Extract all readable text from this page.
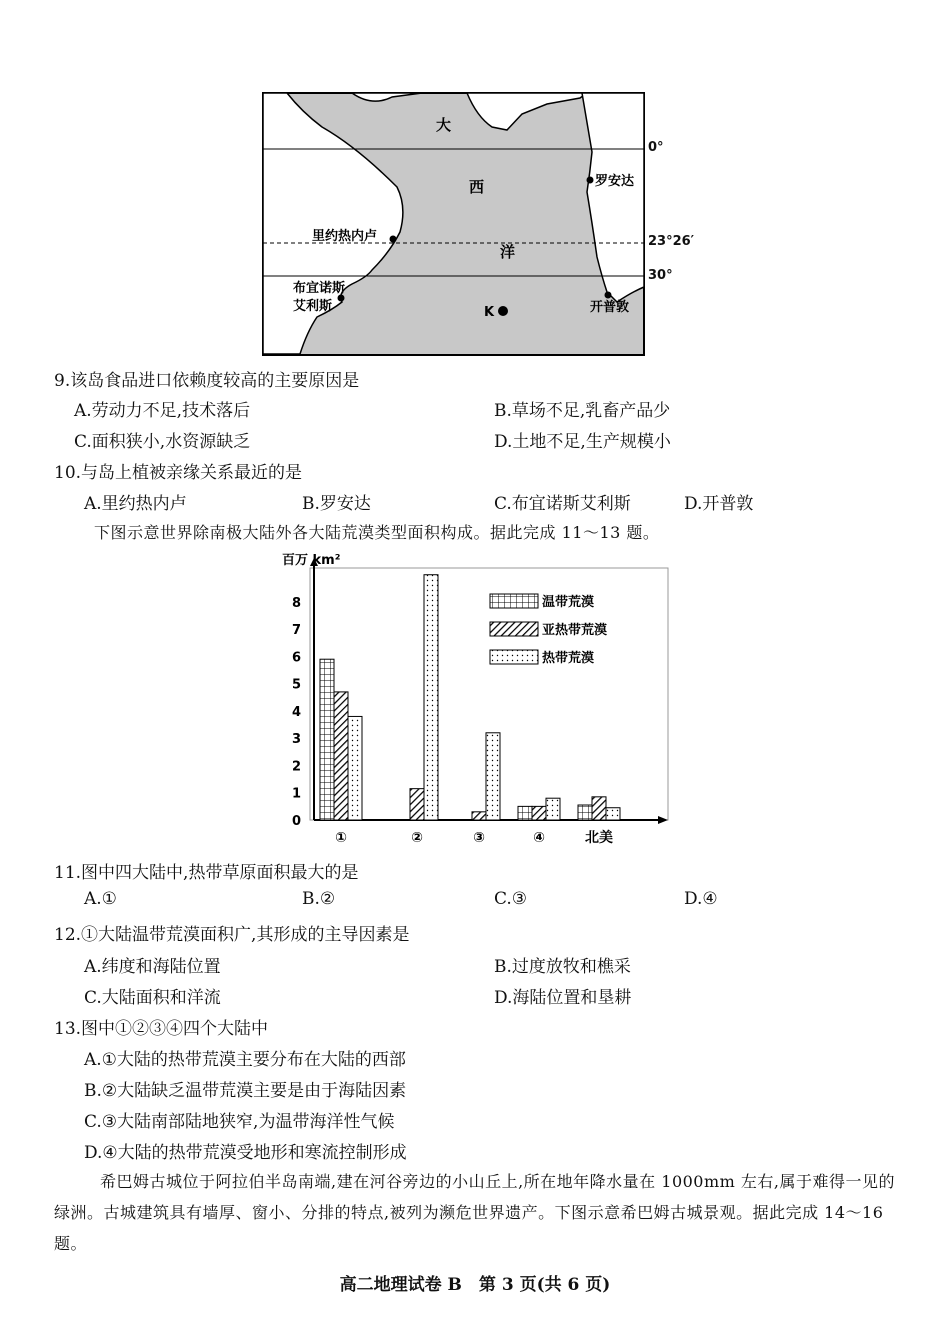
大
西
洋
罗安达
里约热内卢
布宜诺斯
艾利斯	开普敦
K
0°
23°26′
30°
9.该岛食品进口依赖度较高的主要原因是
A.劳动力不足,技术落后	B.草场不足,乳畜产品少
C.面积狭小,水资源缺乏	D.土地不足,生产规模小
10.与岛上植被亲缘关系最近的是
A.里约热内卢	B.罗安达	C.布宜诺斯艾利斯	D.开普敦
下图示意世界除南极大陆外各大陆荒漠类型面积构成。据此完成 11～13 题。
百万 km²
0
1
2
3
4
5
6
7
8
①	②	③	④	北美
温带荒漠
亚热带荒漠
热带荒漠
11.图中四大陆中,热带草原面积最大的是
A.①	B.②	C.③	D.④
12.①大陆温带荒漠面积广,其形成的主导因素是
A.纬度和海陆位置	B.过度放牧和樵采
C.大陆面积和洋流	D.海陆位置和垦耕
13.图中①②③④四个大陆中
A.①大陆的热带荒漠主要分布在大陆的西部
B.②大陆缺乏温带荒漠主要是由于海陆因素
C.③大陆南部陆地狭窄,为温带海洋性气候
D.④大陆的热带荒漠受地形和寒流控制形成
希巴姆古城位于阿拉伯半岛南端,建在河谷旁边的小山丘上,所在地年降水量在 1000mm 左右,属于难得一见的绿洲。古城建筑具有墙厚、窗小、分排的特点,被列为濒危世界遗产。下图示意希巴姆古城景观。据此完成 14～16 题。
高二地理试卷 B　第 3 页(共 6 页)
